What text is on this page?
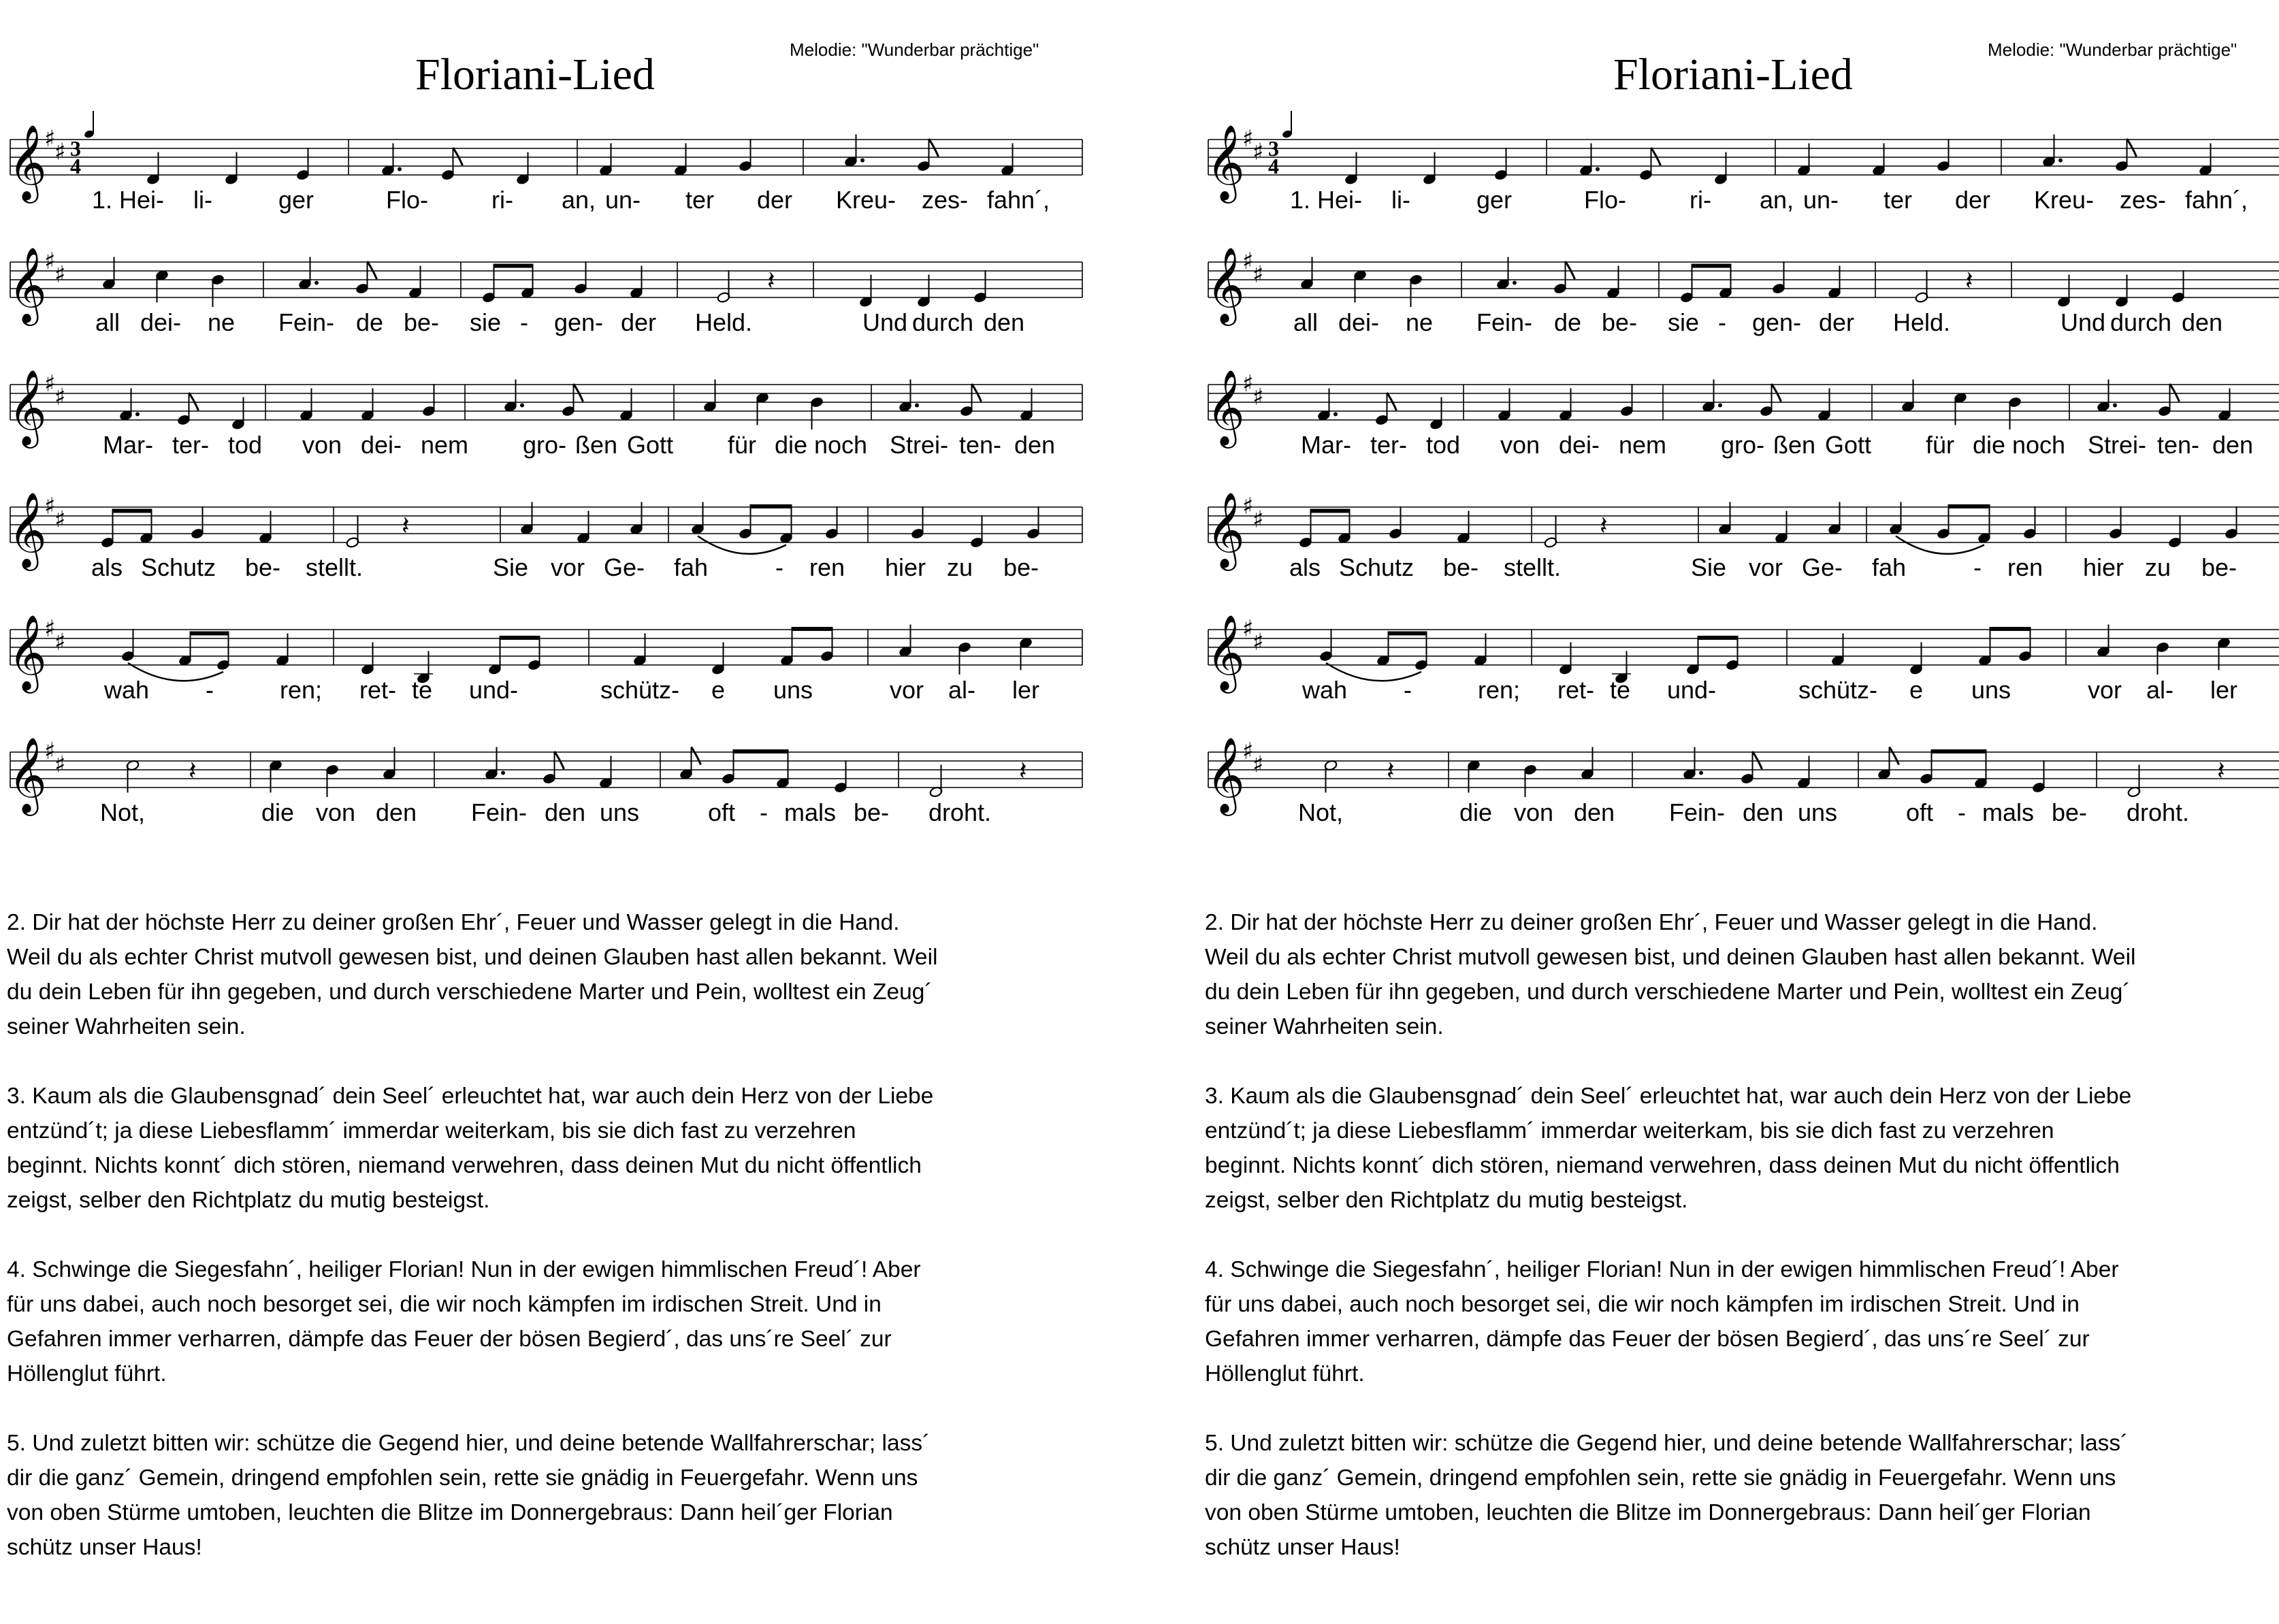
Floriani-Lied	Melodie: "Wunderbar prächtige"
𝄞
♯
♯ 3
4
1. Hei- li-	ger	Flo-	ri- an, un- ter der Kreu- zes- fahn´,
𝄞
♯
♯	𝄽
all dei- ne Fein- de be- sie - gen- der Held.	Und durch den
𝄞
♯
♯
Mar- ter- tod von dei- nem gro- ßen Gott für die noch Strei- ten- den
𝄞
♯
♯	𝄽
als Schutz be- stellt.	Sie vor Ge- fah	- ren hier zu be-
𝄞
♯
♯
wah -	ren; ret- te und-	schütz- e uns	vor al- ler
𝄞
♯
♯	𝄽	𝄽
Not,	die von den Fein- den uns	oft - mals be- droht.

2. Dir hat der höchste Herr zu deiner großen Ehr´, Feuer und Wasser gelegt in die Hand.
Weil du als echter Christ mutvoll gewesen bist, und deinen Glauben hast allen bekannt. Weil
du dein Leben für ihn gegeben, und durch verschiedene Marter und Pein, wolltest ein Zeug´
seiner Wahrheiten sein.

3. Kaum als die Glaubensgnad´ dein Seel´ erleuchtet hat, war auch dein Herz von der Liebe
entzünd´t; ja diese Liebesflamm´ immerdar weiterkam, bis sie dich fast zu verzehren
beginnt. Nichts konnt´ dich stören, niemand verwehren, dass deinen Mut du nicht öffentlich
zeigst, selber den Richtplatz du mutig besteigst.

4. Schwinge die Siegesfahn´, heiliger Florian! Nun in der ewigen himmlischen Freud´! Aber
für uns dabei, auch noch besorget sei, die wir noch kämpfen im irdischen Streit. Und in
Gefahren immer verharren, dämpfe das Feuer der bösen Begierd´, das uns´re Seel´ zur
Höllenglut führt.

5. Und zuletzt bitten wir: schütze die Gegend hier, und deine betende Wallfahrerschar; lass´
dir die ganz´ Gemein, dringend empfohlen sein, rette sie gnädig in Feuergefahr. Wenn uns
von oben Stürme umtoben, leuchten die Blitze im Donnergebraus: Dann heil´ger Florian
schütz unser Haus!

Floriani-Lied	Melodie: "Wunderbar prächtige"
𝄞
♯
♯ 3
4
1. Hei- li-	ger	Flo-	ri- an, un- ter der Kreu- zes- fahn´,
𝄞
♯
♯	𝄽
all dei- ne Fein- de be- sie - gen- der Held.	Und durch den
𝄞
♯
♯
Mar- ter- tod von dei- nem gro- ßen Gott für die noch Strei- ten- den
𝄞
♯
♯	𝄽
als Schutz be- stellt.	Sie vor Ge- fah	- ren hier zu be-
𝄞
♯
♯
wah -	ren; ret- te und-	schütz- e uns	vor al- ler
𝄞
♯
♯	𝄽	𝄽
Not,	die von den Fein- den uns	oft - mals be- droht.

2. Dir hat der höchste Herr zu deiner großen Ehr´, Feuer und Wasser gelegt in die Hand.
Weil du als echter Christ mutvoll gewesen bist, und deinen Glauben hast allen bekannt. Weil
du dein Leben für ihn gegeben, und durch verschiedene Marter und Pein, wolltest ein Zeug´
seiner Wahrheiten sein.

3. Kaum als die Glaubensgnad´ dein Seel´ erleuchtet hat, war auch dein Herz von der Liebe
entzünd´t; ja diese Liebesflamm´ immerdar weiterkam, bis sie dich fast zu verzehren
beginnt. Nichts konnt´ dich stören, niemand verwehren, dass deinen Mut du nicht öffentlich
zeigst, selber den Richtplatz du mutig besteigst.

4. Schwinge die Siegesfahn´, heiliger Florian! Nun in der ewigen himmlischen Freud´! Aber
für uns dabei, auch noch besorget sei, die wir noch kämpfen im irdischen Streit. Und in
Gefahren immer verharren, dämpfe das Feuer der bösen Begierd´, das uns´re Seel´ zur
Höllenglut führt.

5. Und zuletzt bitten wir: schütze die Gegend hier, und deine betende Wallfahrerschar; lass´
dir die ganz´ Gemein, dringend empfohlen sein, rette sie gnädig in Feuergefahr. Wenn uns
von oben Stürme umtoben, leuchten die Blitze im Donnergebraus: Dann heil´ger Florian
schütz unser Haus!
